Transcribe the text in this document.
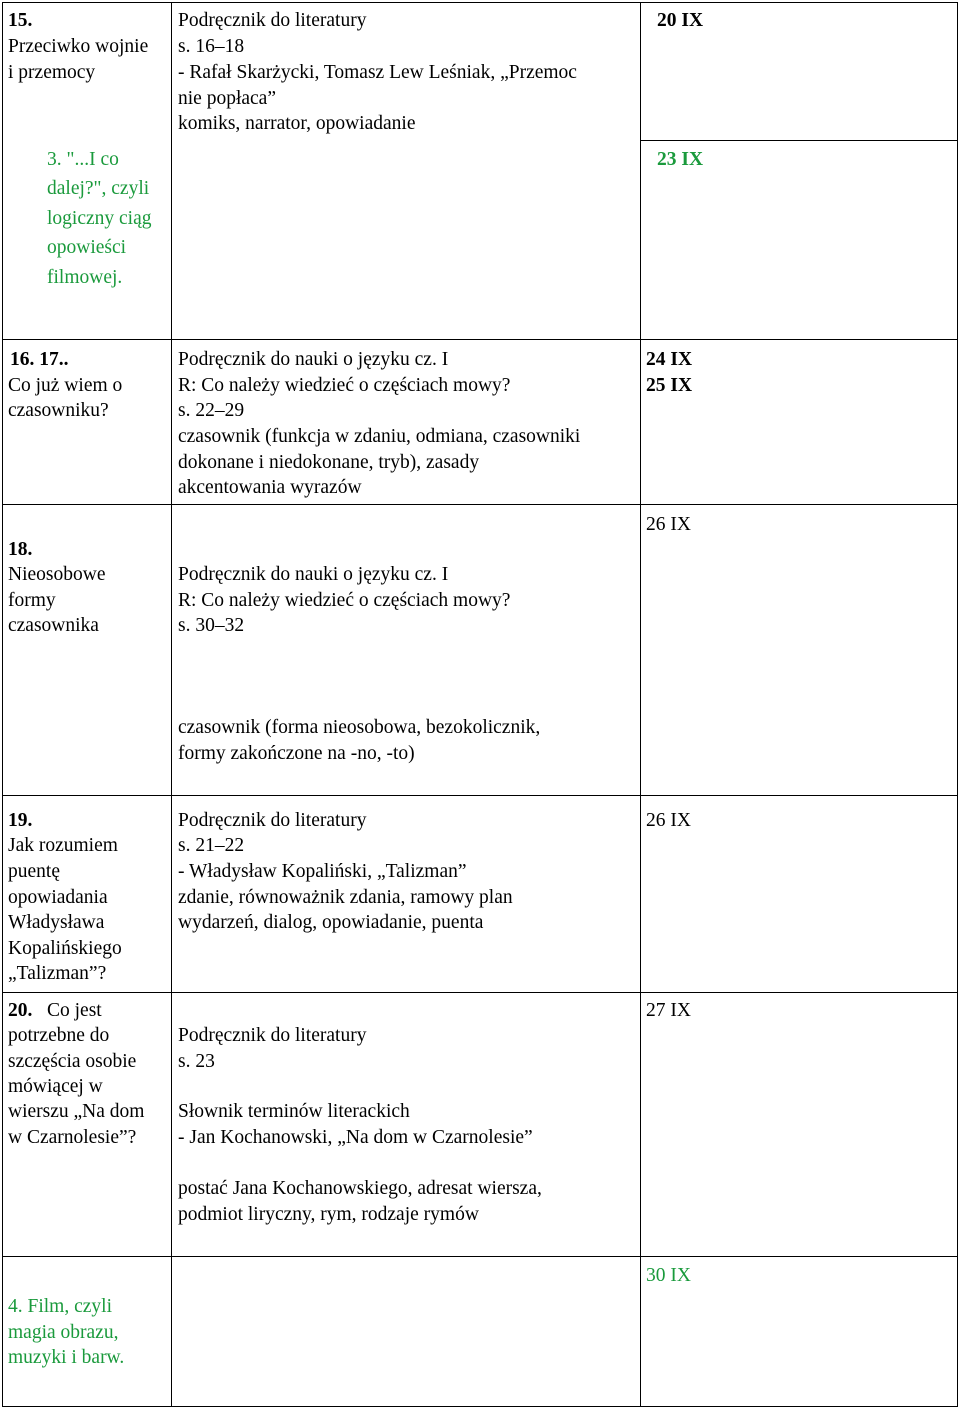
15.
Przeciwko wojnie
i przemocy
Podręcznik do literatury
s. 16–18
- Rafał Skarżycki, Tomasz Lew Leśniak, „Przemoc
nie popłaca”
komiks, narrator, opowiadanie
20 IX
3. "...I co
dalej?", czyli
logiczny ciąg
opowieści
filmowej.
23 IX
16. 17..
Co już wiem o
czasowniku?
Podręcznik do nauki o języku cz. I
R: Co należy wiedzieć o częściach mowy?
s. 22–29
czasownik (funkcja w zdaniu, odmiana, czasowniki
dokonane i niedokonane, tryb), zasady
akcentowania wyrazów
24 IX
25 IX
18.
Nieosobowe
formy
czasownika
Podręcznik do nauki o języku cz. I
R: Co należy wiedzieć o częściach mowy?
s. 30–32
czasownik (forma nieosobowa, bezokolicznik,
formy zakończone na -no, -to)
26 IX
19.
Jak rozumiem
puentę
opowiadania
Władysława
Kopalińskiego
„Talizman”?
Podręcznik do literatury
s. 21–22
- Władysław Kopaliński, „Talizman”
zdanie, równoważnik zdania, ramowy plan
wydarzeń, dialog, opowiadanie, puenta
26 IX
20. Co jest
potrzebne do
szczęścia osobie
mówiącej w
wierszu „Na dom
w Czarnolesie”?
Podręcznik do literatury
s. 23
Słownik terminów literackich
- Jan Kochanowski, „Na dom w Czarnolesie”
postać Jana Kochanowskiego, adresat wiersza,
podmiot liryczny, rym, rodzaje rymów
27 IX
4. Film, czyli
magia obrazu,
muzyki i barw.
30 IX
